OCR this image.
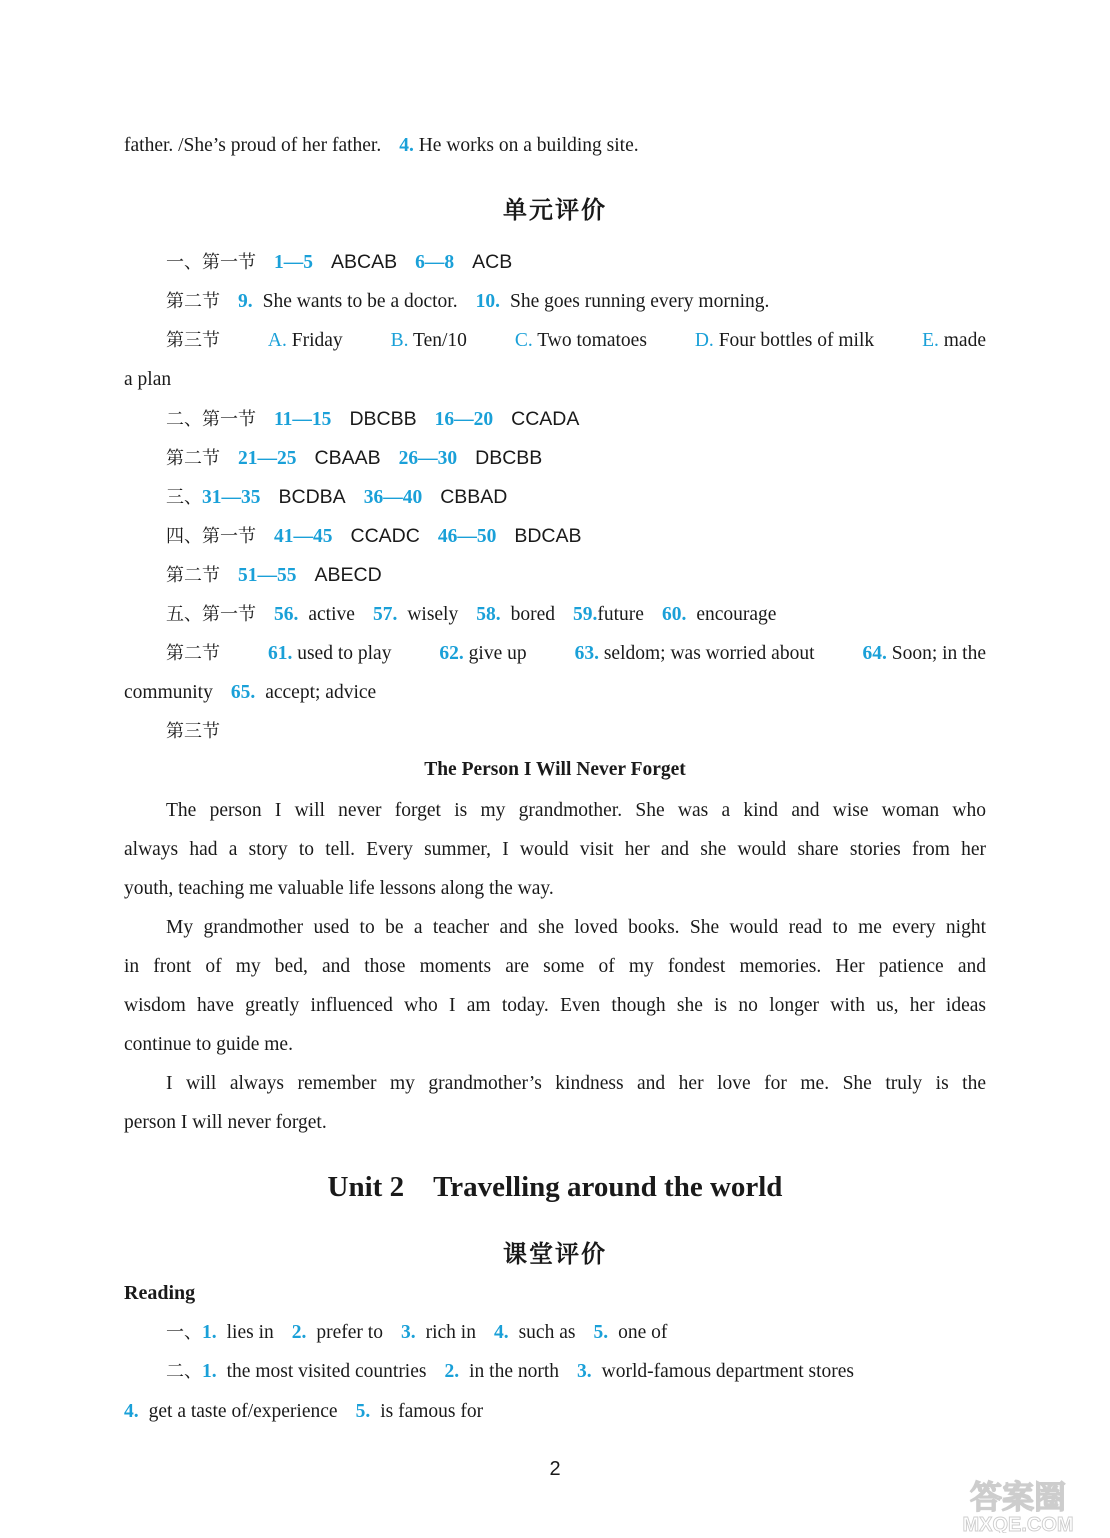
father. /She’s proud of her father. 4. He works on a building site.
单元评价
一、第一节 1—5 ABCAB 6—8 ACB
第二节 9. She wants to be a doctor. 10. She goes running every morning.
第三节 A. Friday B. Ten/10 C. Two tomatoes D. Four bottles of milk E. made
a plan
二、第一节 11—15 DBCBB 16—20 CCADA
第二节 21—25 CBAAB 26—30 DBCBB
三、31—35 BCDBA 36—40 CBBAD
四、第一节 41—45 CCADC 46—50 BDCAB
第二节 51—55 ABECD
五、第一节 56. active 57. wisely 58. bored 59.future 60. encourage
第二节 61. used to play 62. give up 63. seldom; was worried about 64. Soon; in the
community 65. accept; advice
第三节
The Person I Will Never Forget
The person I will never forget is my grandmother. She was a kind and wise woman who
always had a story to tell. Every summer, I would visit her and she would share stories from her
youth, teaching me valuable life lessons along the way.
My grandmother used to be a teacher and she loved books. She would read to me every night
in front of my bed, and those moments are some of my fondest memories. Her patience and
wisdom have greatly influenced who I am today. Even though she is no longer with us, her ideas
continue to guide me.
I will always remember my grandmother’s kindness and her love for me. She truly is the
person I will never forget.
Unit 2　Travelling around the world
课堂评价
Reading
一、1. lies in 2. prefer to 3. rich in 4. such as 5. one of
二、1. the most visited countries 2. in the north 3. world-famous department stores
4. get a taste of/experience 5. is famous for
2
答案圈
MXQE.COM
